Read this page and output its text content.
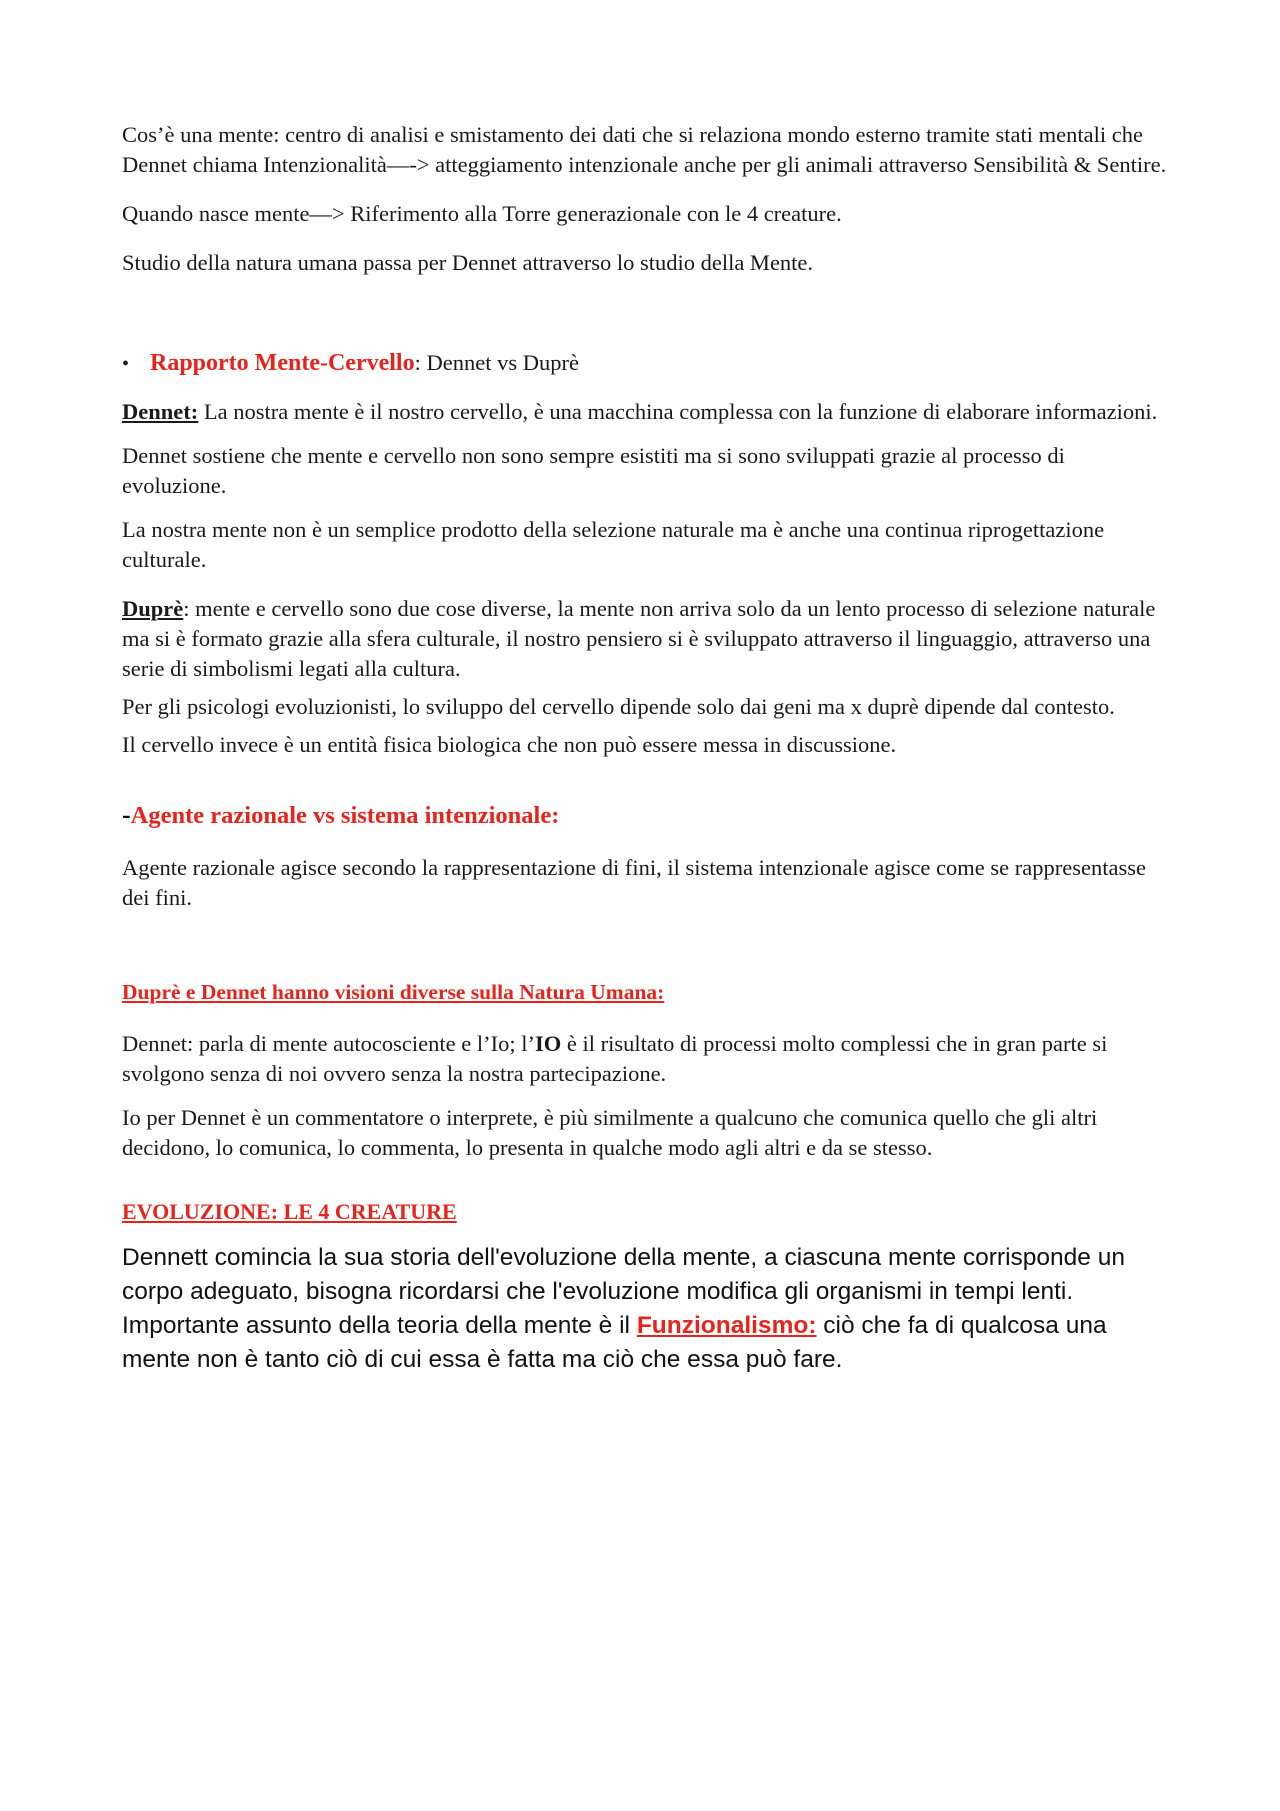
Cos’è una mente: centro di analisi e smistamento dei dati che si relaziona mondo esterno tramite stati mentali che Dennet chiama Intenzionalità—-> atteggiamento intenzionale anche per gli animali attraverso Sensibilità & Sentire.

Quando nasce mente—> Riferimento alla Torre generazionale con le 4 creature.

Studio della natura umana passa per Dennet attraverso lo studio della Mente.

• Rapporto Mente-Cervello: Dennet vs Duprè

Dennet: La nostra mente è il nostro cervello, è una macchina complessa con la funzione di elaborare informazioni.

Dennet sostiene che mente e cervello non sono sempre esistiti ma si sono sviluppati grazie al processo di evoluzione.

La nostra mente non è un semplice prodotto della selezione naturale ma è anche una continua riprogettazione culturale.

Duprè: mente e cervello sono due cose diverse, la mente non arriva solo da un lento processo di selezione naturale ma si è formato grazie alla sfera culturale, il nostro pensiero si è sviluppato attraverso il linguaggio, attraverso una serie di simbolismi legati alla cultura.

Per gli psicologi evoluzionisti, lo sviluppo del cervello dipende solo dai geni ma x duprè dipende dal contesto.

Il cervello invece è un entità fisica biologica che non può essere messa in discussione.

-Agente razionale vs sistema intenzionale:

Agente razionale agisce secondo la rappresentazione di fini, il sistema intenzionale agisce come se rappresentasse dei fini.

Duprè e Dennet hanno visioni diverse sulla Natura Umana:

Dennet: parla di mente autocosciente e l’Io; l’IO è il risultato di processi molto complessi che in gran parte si svolgono senza di noi ovvero senza la nostra partecipazione.

Io per Dennet è un commentatore o interprete, è più similmente a qualcuno che comunica quello che gli altri decidono, lo comunica, lo commenta, lo presenta in qualche modo agli altri e da se stesso.

EVOLUZIONE: LE 4 CREATURE

Dennett comincia la sua storia dell'evoluzione della mente, a ciascuna mente corrisponde un corpo adeguato, bisogna ricordarsi che l'evoluzione modifica gli organismi in tempi lenti.

Importante assunto della teoria della mente è il Funzionalismo: ciò che fa di qualcosa una mente non è tanto ciò di cui essa è fatta ma ciò che essa può fare.
